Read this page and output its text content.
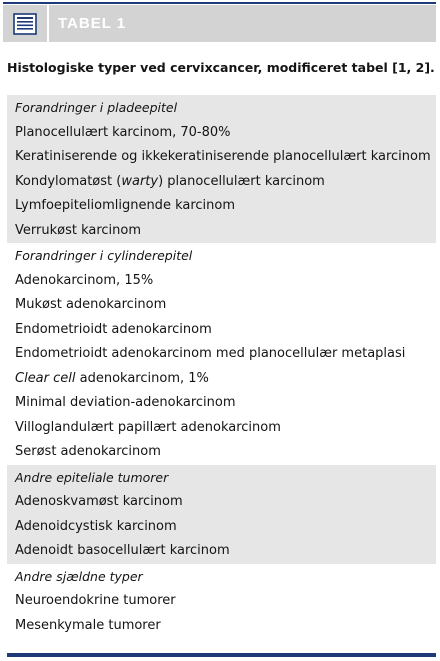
TABEL 1
Histologiske typer ved cervixcancer, modificeret tabel [1, 2].
Forandringer i pladeepitel
Planocellulært karcinom, 70-80%
Keratiniserende og ikkekeratiniserende planocellulært karcinom
Kondylomatøst (warty) planocellulært karcinom
Lymfoepiteliomlignende karcinom
Verrukøst karcinom
Forandringer i cylinderepitel
Adenokarcinom, 15%
Mukøst adenokarcinom
Endometrioidt adenokarcinom
Endometrioidt adenokarcinom med planocellulær metaplasi
Clear cell adenokarcinom, 1%
Minimal deviation-adenokarcinom
Villoglandulært papillært adenokarcinom
Serøst adenokarcinom
Andre epiteliale tumorer
Adenoskvamøst karcinom
Adenoidcystisk karcinom
Adenoidt basocellulært karcinom
Andre sjældne typer
Neuroendokrine tumorer
Mesenkymale tumorer
